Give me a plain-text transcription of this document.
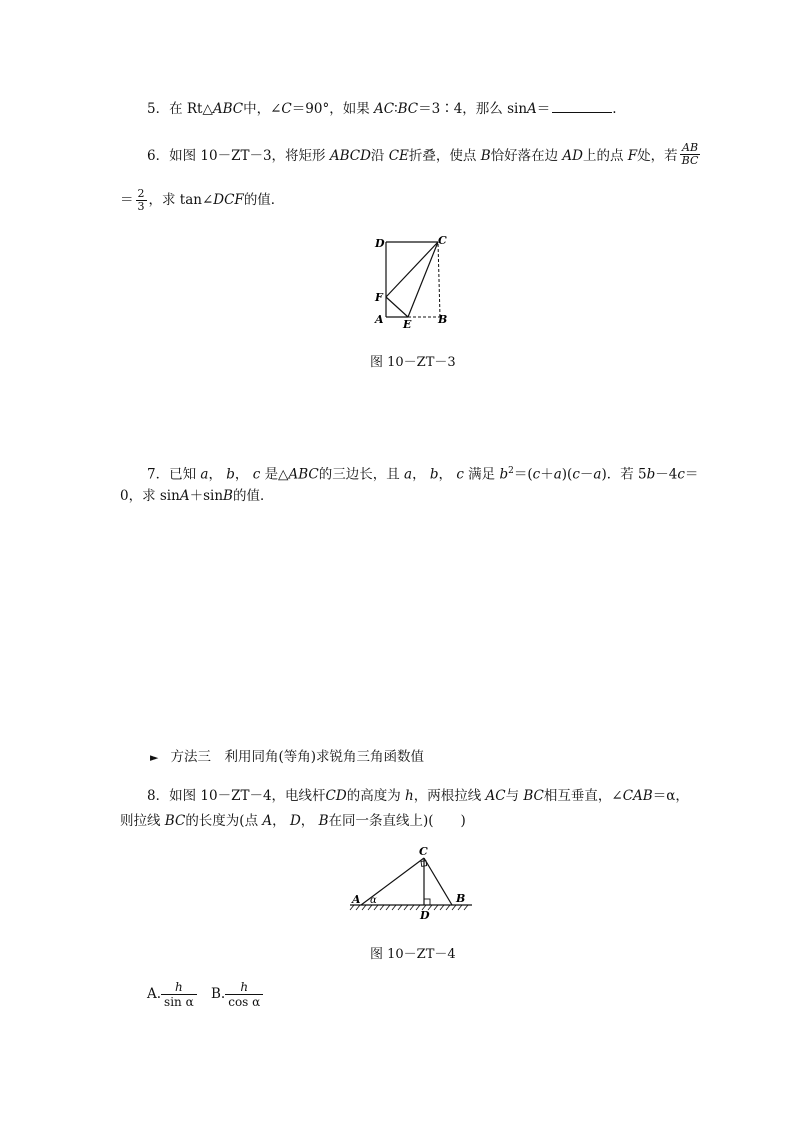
5．在 Rt△ABC中，∠C＝90°，如果 AC∶BC＝3∶4，那么 sinA＝	.
6．如图 10－ZT－3，将矩形 ABCD沿 CE折叠，使点 B恰好落在边 AD上的点 F处，若 $\frac{AB}{BC}$
＝ $\frac{2}{3}$ ，求 tan∠DCF的值．
D	C
F
A E B
图 10－ZT－3
7．已知 a， b， c 是△ABC的三边长，且 a， b， c 满足 $b^2=(c+a)(c-a)$．若 5b－4c＝
0，求 sinA＋sinB的值．
► 方法三　利用同角(等角)求锐角三角函数值
8．如图 10－ZT－4，电线杆CD的高度为 h，两根拉线 AC与 BC相互垂直，∠CAB＝α，
则拉线 BC的长度为(点 A， D， B在同一条直线上)(　　)
C
A α
D
B
图 10－ZT－4
A. $\frac{h}{\text{sin α}} B$. $\frac{h}{\text{cos α}}$
